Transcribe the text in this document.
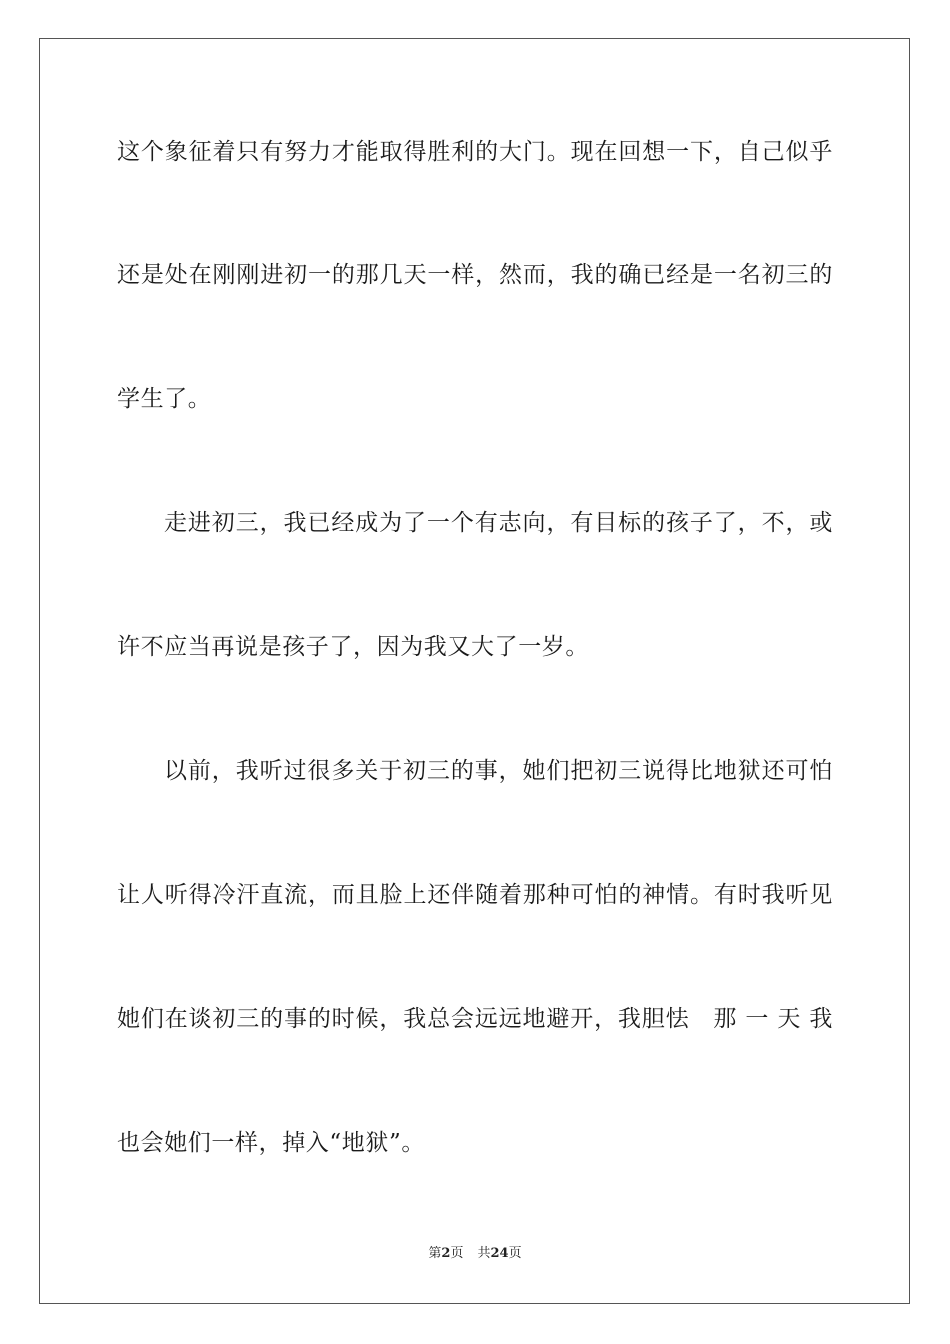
这个象征着只有努力才能取得胜利的大门。现在回想一下，自己似乎
还是处在刚刚进初一的那几天一样，然而，我的确已经是一名初三的
学生了。
走进初三，我已经成为了一个有志向，有目标的孩子了，不，或
许不应当再说是孩子了，因为我又大了一岁。
以前，我听过很多关于初三的事，她们把初三说得比地狱还可怕
让人听得冷汗直流，而且脸上还伴随着那种可怕的神情。有时我听见
她们在谈初三的事的时候，我总会远远地避开，我胆怯　那 一 天 我
也会她们一样，掉入“地狱”。
第2页 共24页
